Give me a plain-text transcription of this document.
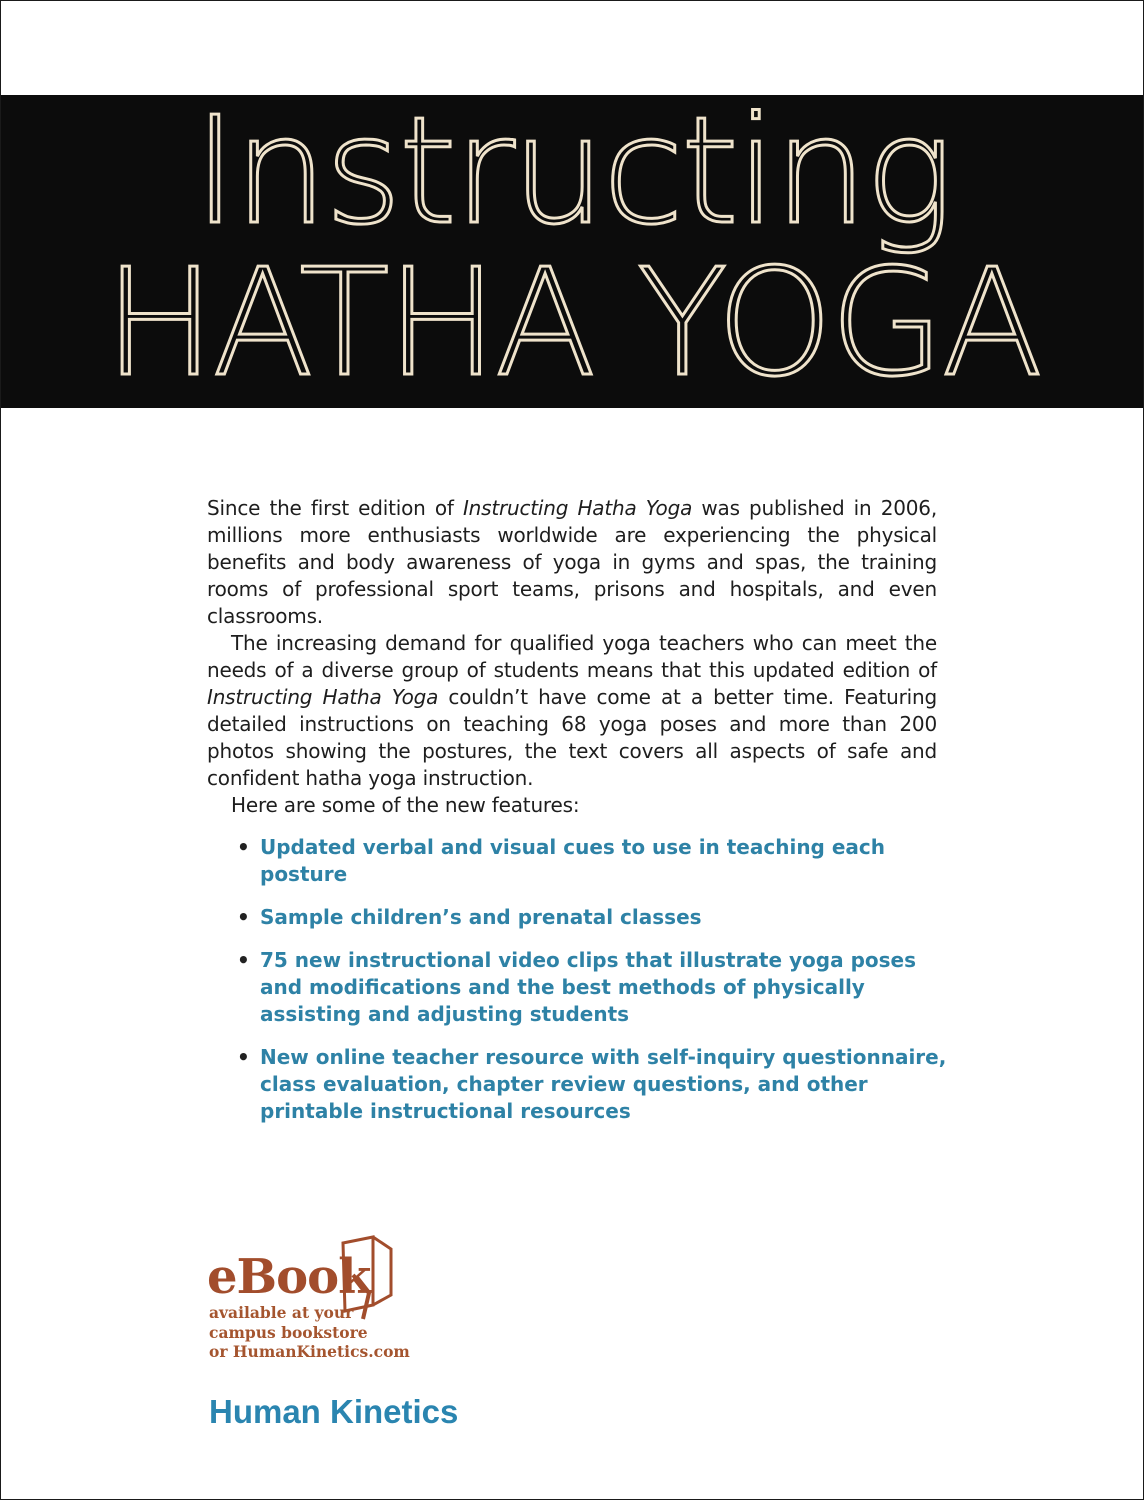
Instructing
HATHA YOGA

Since the first edition of Instructing Hatha Yoga was published in 2006, millions more enthusiasts worldwide are experiencing the physical benefits and body awareness of yoga in gyms and spas, the training rooms of professional sport teams, prisons and hospitals, and even classrooms.

The increasing demand for qualified yoga teachers who can meet the needs of a diverse group of students means that this updated edition of Instructing Hatha Yoga couldn’t have come at a better time. Featuring detailed instructions on teaching 68 yoga poses and more than 200 photos showing the postures, the text covers all aspects of safe and confident hatha yoga instruction.

Here are some of the new features:

• Updated verbal and visual cues to use in teaching each posture
• Sample children’s and prenatal classes
• 75 new instructional video clips that illustrate yoga poses and modifications and the best methods of physically assisting and adjusting students
• New online teacher resource with self-inquiry questionnaire, class evaluation, chapter review questions, and other printable instructional resources
eBook
available at your
campus bookstore
or HumanKinetics.com
Human Kinetics
